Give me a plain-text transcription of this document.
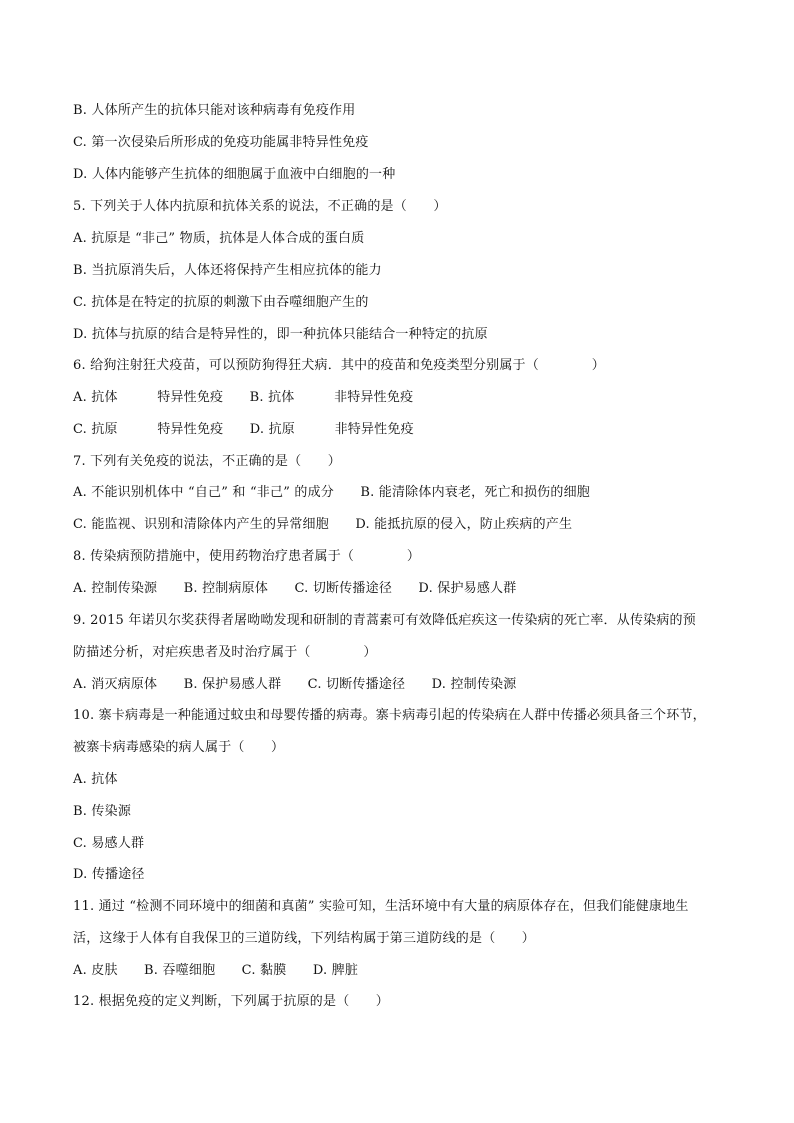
B. 人体所产生的抗体只能对该种病毒有免疫作用
C. 第一次侵染后所形成的免疫功能属非特异性免疫
D. 人体内能够产生抗体的细胞属于血液中白细胞的一种
5. 下列关于人体内抗原和抗体关系的说法，不正确的是（　　）
A. 抗原是 “非己” 物质，抗体是人体合成的蛋白质
B. 当抗原消失后，人体还将保持产生相应抗体的能力
C. 抗体是在特定的抗原的刺激下由吞噬细胞产生的
D. 抗体与抗原的结合是特异性的，即一种抗体只能结合一种特定的抗原
6. 给狗注射狂犬疫苗，可以预防狗得狂犬病．其中的疫苗和免疫类型分别属于（　　　　）
A. 抗体　　　特异性免疫　　B. 抗体　　　非特异性免疫
C. 抗原　　　特异性免疫　　D. 抗原　　　非特异性免疫
7. 下列有关免疫的说法，不正确的是（　　）
A. 不能识别机体中 “自己” 和 “非己” 的成分　　B. 能清除体内衰老，死亡和损伤的细胞
C. 能监视、识别和清除体内产生的异常细胞　　D. 能抵抗原的侵入，防止疾病的产生
8. 传染病预防措施中，使用药物治疗患者属于（　　　　）
A. 控制传染源　　B. 控制病原体　　C. 切断传播途径　　D. 保护易感人群
9. 2015 年诺贝尔奖获得者屠呦呦发现和研制的青蒿素可有效降低疟疾这一传染病的死亡率．从传染病的预
防描述分析，对疟疾患者及时治疗属于（　　　　）
A. 消灭病原体　　B. 保护易感人群　　C. 切断传播途径　　D. 控制传染源
10. 寨卡病毒是一种能通过蚊虫和母婴传播的病毒。寨卡病毒引起的传染病在人群中传播必须具备三个环节，
被寨卡病毒感染的病人属于（　　）
A. 抗体
B. 传染源
C. 易感人群
D. 传播途径
11. 通过 “检测不同环境中的细菌和真菌” 实验可知，生活环境中有大量的病原体存在，但我们能健康地生
活，这缘于人体有自我保卫的三道防线，下列结构属于第三道防线的是（　　）
A. 皮肤　　B. 吞噬细胞　　C. 黏膜　　D. 脾脏
12. 根据免疫的定义判断，下列属于抗原的是（　　）
